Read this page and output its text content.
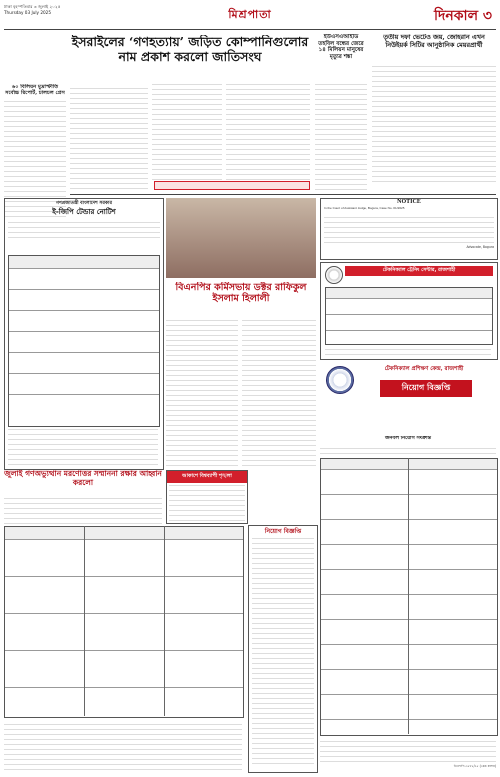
ঢাকা বৃহস্পতিবার ৩ জুলাই ২০২৫
Thursday 03 July 2025	মিশ্রপাতা	দিনকাল ৩
ইসরাইলের ‘গণহত্যায়’ জড়িত কোম্পানিগুলোর নাম প্রকাশ করলো জাতিসংঘ
৬০ বিলিয়ন মুদ্রাস্ফীতি সর্বোচ্চ রিপোর্ট, চালচল প্রেস
ইউএসএআইডি তহবিল বন্ধের জেরে ১৪ মিলিয়ন মানুষের মৃত্যুর শঙ্কা
তৃতীয় দফা ভেটেও জয়, জোহরান এখন নিউইয়র্ক সিটির আনুষ্ঠানিক মেয়রপ্রার্থী
গণপ্রজাতন্ত্রী বাংলাদেশ সরকার
ই-জিপি টেন্ডার নোটিশ
বিএনপির কর্মিসভায় ডক্টর রাফিকুল ইসলাম হিলালী
NOTICE
In the Court of Assistant Judge, Bogura, Case No. 01/2025
Advocate, Bogura
টেকনিক্যাল ট্রেনিং সেন্টার, রাজশাহী
টেকনিক্যাল প্রশিক্ষণ কেন্দ্র, রাজশাহী
নিয়োগ বিজ্ঞপ্তি
আকাশে বিশ্বব্যাপী শৃঙ্খলা
জুলাই গণঅভ্যুত্থান মরণোত্তর সম্মাননা রক্ষার আহ্বান করলো
নিয়োগ বিজ্ঞপ্তি
জনবল নিয়োগ সংক্রান্ত
ডিএফপি-৩৫৮৫/২৫ (৩x৪ কলাম)
